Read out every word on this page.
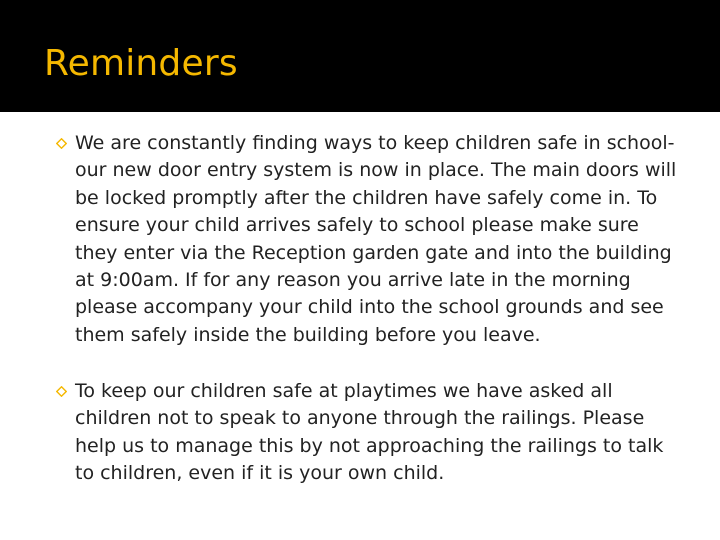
Reminders

We are constantly finding ways to keep children safe in school- our new door entry system is now in place. The main doors will be locked promptly after the children have safely come in. To ensure your child arrives safely to school please make sure they enter via the Reception garden gate and into the building at 9:00am. If for any reason you arrive late in the morning please accompany your child into the school grounds and see them safely inside the building before you leave.

To keep our children safe at playtimes we have asked all children not to speak to anyone through the railings. Please help us to manage this by not approaching the railings to talk to children, even if it is your own child.
